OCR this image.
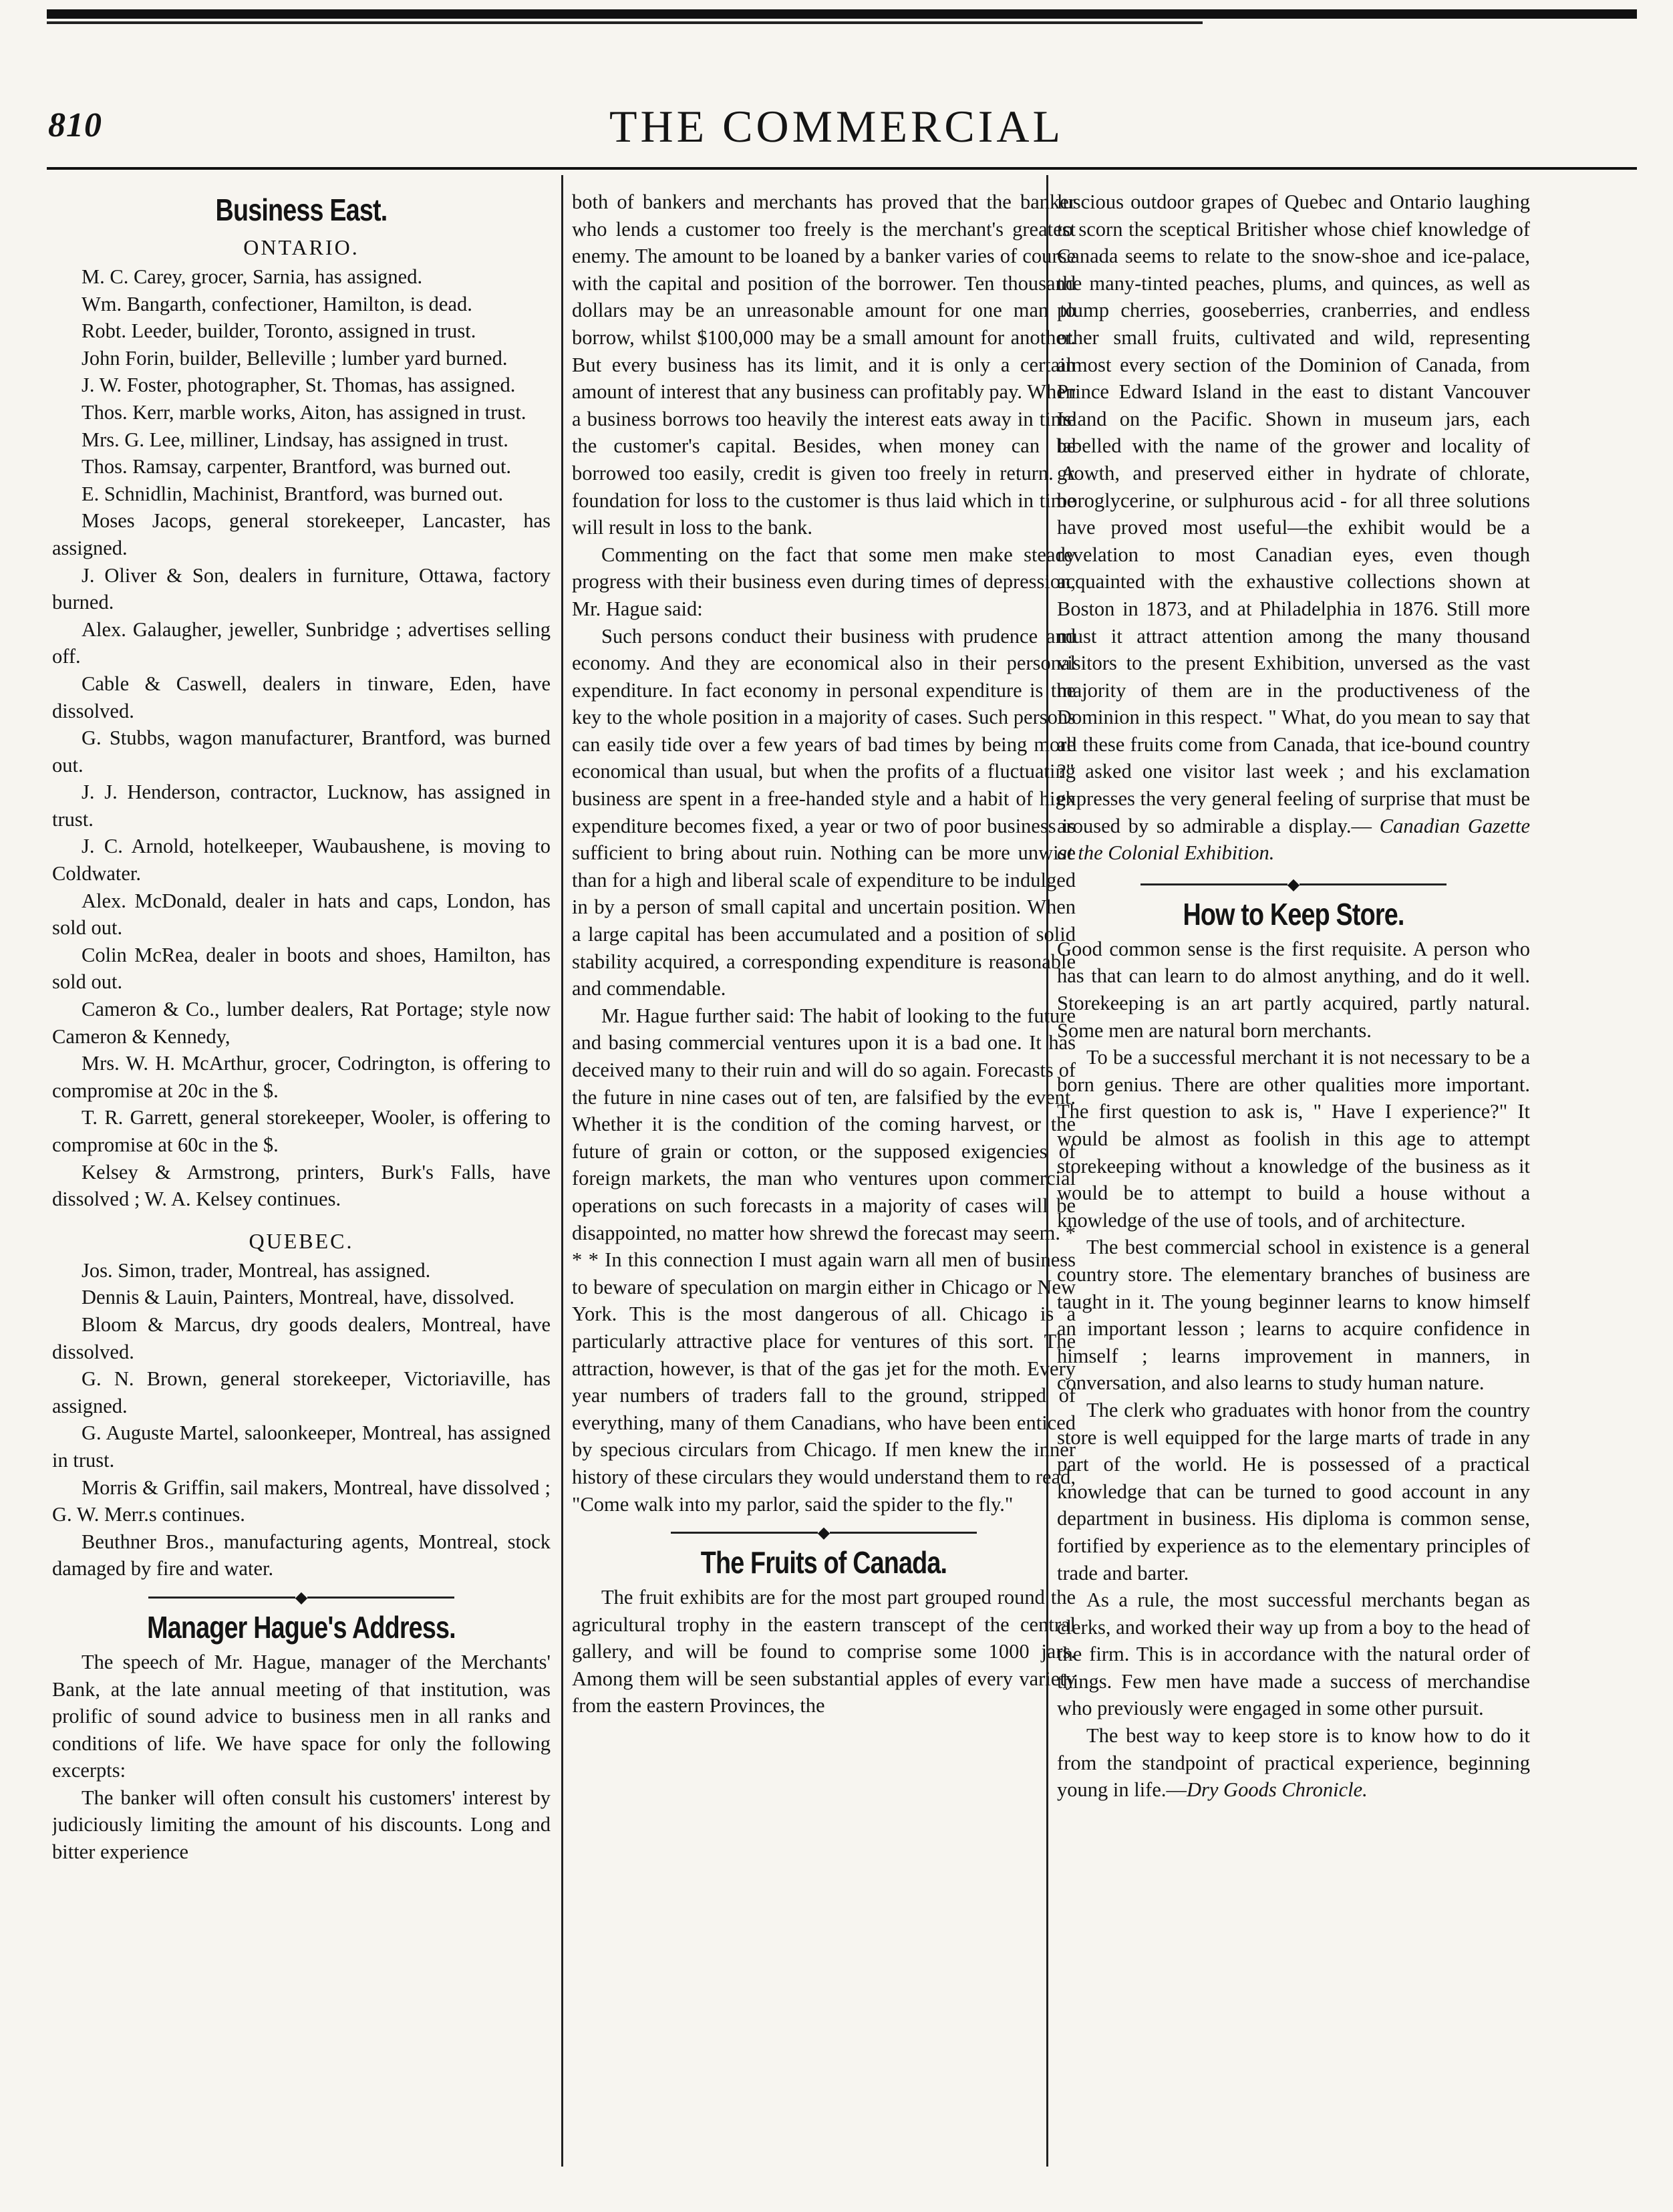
810	THE COMMERCIAL

Business East.

ONTARIO.

M. C. Carey, grocer, Sarnia, has assigned.

Wm. Bangarth, confectioner, Hamilton, is dead.

Robt. Leeder, builder, Toronto, assigned in trust.

John Forin, builder, Belleville ; lumber yard burned.

J. W. Foster, photographer, St. Thomas, has assigned.

Thos. Kerr, marble works, Aiton, has assigned in trust.

Mrs. G. Lee, milliner, Lindsay, has assigned in trust.

Thos. Ramsay, carpenter, Brantford, was burned out.

E. Schnidlin, Machinist, Brantford, was burned out.

Moses Jacops, general storekeeper, Lancaster, has assigned.

J. Oliver & Son, dealers in furniture, Ottawa, factory burned.

Alex. Galaugher, jeweller, Sunbridge ; advertises selling off.

Cable & Caswell, dealers in tinware, Eden, have dissolved.

G. Stubbs, wagon manufacturer, Brantford, was burned out.

J. J. Henderson, contractor, Lucknow, has assigned in trust.

J. C. Arnold, hotelkeeper, Waubaushene, is moving to Coldwater.

Alex. McDonald, dealer in hats and caps, London, has sold out.

Colin McRea, dealer in boots and shoes, Hamilton, has sold out.

Cameron & Co., lumber dealers, Rat Portage; style now Cameron & Kennedy,

Mrs. W. H. McArthur, grocer, Codrington, is offering to compromise at 20c in the $.

T. R. Garrett, general storekeeper, Wooler, is offering to compromise at 60c in the $.

Kelsey & Armstrong, printers, Burk's Falls, have dissolved ; W. A. Kelsey continues.

QUEBEC.

Jos. Simon, trader, Montreal, has assigned.

Dennis & Lauin, Painters, Montreal, have, dissolved.

Bloom & Marcus, dry goods dealers, Montreal, have dissolved.

G. N. Brown, general storekeeper, Victoriaville, has assigned.

G. Auguste Martel, saloonkeeper, Montreal, has assigned in trust.

Morris & Griffin, sail makers, Montreal, have dissolved ; G. W. Merr.s continues.

Beuthner Bros., manufacturing agents, Montreal, stock damaged by fire and water.

◆

Manager Hague's Address.

The speech of Mr. Hague, manager of the Merchants' Bank, at the late annual meeting of that institution, was prolific of sound advice to business men in all ranks and conditions of life. We have space for only the following excerpts:

The banker will often consult his customers' interest by judiciously limiting the amount of his discounts. Long and bitter experience

both of bankers and merchants has proved that the banker who lends a customer too freely is the merchant's greatest enemy. The amount to be loaned by a banker varies of course with the capital and position of the borrower. Ten thousand dollars may be an unreasonable amount for one man to borrow, whilst $100,000 may be a small amount for another. But every business has its limit, and it is only a certain amount of interest that any business can profitably pay. When a business borrows too heavily the interest eats away in time the customer's capital. Besides, when money can be borrowed too easily, credit is given too freely in return. A foundation for loss to the customer is thus laid which in time will result in loss to the bank.

Commenting on the fact that some men make steady progress with their business even during times of depression, Mr. Hague said:

Such persons conduct their business with prudence and economy. And they are economical also in their personal expenditure. In fact economy in personal expenditure is the key to the whole position in a majority of cases. Such persons can easily tide over a few years of bad times by being more economical than usual, but when the profits of a fluctuating business are spent in a free-handed style and a habit of high expenditure becomes fixed, a year or two of poor business is sufficient to bring about ruin. Nothing can be more unwise than for a high and liberal scale of expenditure to be indulged in by a person of small capital and uncertain position. When a large capital has been accumulated and a position of solid stability acquired, a corresponding expenditure is reasonable and commendable.

Mr. Hague further said: The habit of looking to the future and basing commercial ventures upon it is a bad one. It has deceived many to their ruin and will do so again. Forecasts of the future in nine cases out of ten, are falsified by the event. Whether it is the condition of the coming harvest, or the future of grain or cotton, or the supposed exigencies of foreign markets, the man who ventures upon commercial operations on such forecasts in a majority of cases will be disappointed, no matter how shrewd the forecast may seem. * * * In this connection I must again warn all men of business to beware of speculation on margin either in Chicago or New York. This is the most dangerous of all. Chicago is a particularly attractive place for ventures of this sort. The attraction, however, is that of the gas jet for the moth. Every year numbers of traders fall to the ground, stripped of everything, many of them Canadians, who have been enticed by specious circulars from Chicago. If men knew the inner history of these circulars they would understand them to read, "Come walk into my parlor, said the spider to the fly."

◆

The Fruits of Canada.

The fruit exhibits are for the most part grouped round the agricultural trophy in the eastern transcept of the central gallery, and will be found to comprise some 1000 jars. Among them will be seen substantial apples of every variety from the eastern Provinces, the

luscious outdoor grapes of Quebec and Ontario laughing to scorn the sceptical Britisher whose chief knowledge of Canada seems to relate to the snow-shoe and ice-palace, the many-tinted peaches, plums, and quinces, as well as plump cherries, gooseberries, cranberries, and endless other small fruits, cultivated and wild, representing almost every section of the Dominion of Canada, from Prince Edward Island in the east to distant Vancouver Island on the Pacific. Shown in museum jars, each labelled with the name of the grower and locality of growth, and preserved either in hydrate of chlorate, boroglycerine, or sulphurous acid - for all three solutions have proved most useful—the exhibit would be a revelation to most Canadian eyes, even though acquainted with the exhaustive collections shown at Boston in 1873, and at Philadelphia in 1876. Still more must it attract attention among the many thousand visitors to the present Exhibition, unversed as the vast majority of them are in the productiveness of the Dominion in this respect. " What, do you mean to say that all these fruits come from Canada, that ice-bound country ?" asked one visitor last week ; and his exclamation expresses the very general feeling of surprise that must be aroused by so admirable a display.— Canadian Gazette at the Colonial Exhibition.

◆

How to Keep Store.

Good common sense is the first requisite. A person who has that can learn to do almost anything, and do it well. Storekeeping is an art partly acquired, partly natural. Some men are natural born merchants.

To be a successful merchant it is not necessary to be a born genius. There are other qualities more important. The first question to ask is, " Have I experience?" It would be almost as foolish in this age to attempt storekeeping without a knowledge of the business as it would be to attempt to build a house without a knowledge of the use of tools, and of architecture.

The best commercial school in existence is a general country store. The elementary branches of business are taught in it. The young beginner learns to know himself an important lesson ; learns to acquire confidence in himself ; learns improvement in manners, in conversation, and also learns to study human nature.

The clerk who graduates with honor from the country store is well equipped for the large marts of trade in any part of the world. He is possessed of a practical knowledge that can be turned to good account in any department in business. His diploma is common sense, fortified by experience as to the elementary principles of trade and barter.

As a rule, the most successful merchants began as clerks, and worked their way up from a boy to the head of the firm. This is in accordance with the natural order of things. Few men have made a success of merchandise who previously were engaged in some other pursuit.

The best way to keep store is to know how to do it from the standpoint of practical experience, beginning young in life.—Dry Goods Chronicle.
